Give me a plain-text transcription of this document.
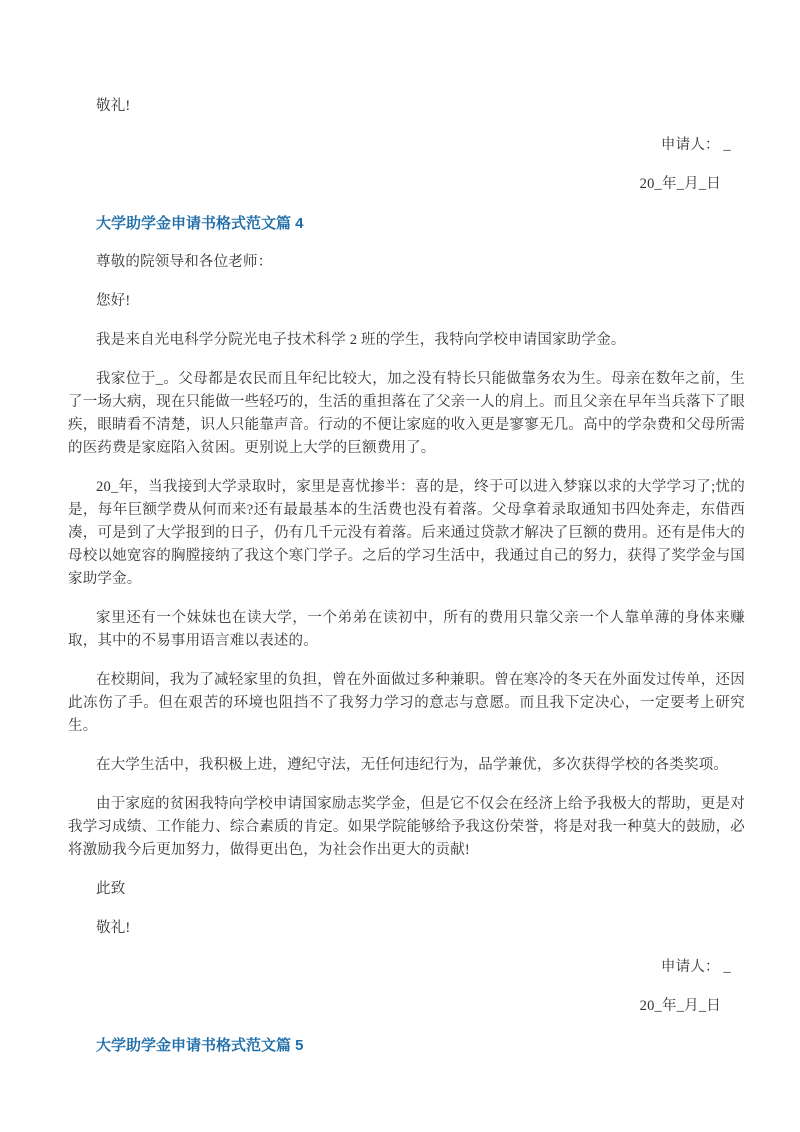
敬礼!

申请人： _

20_年_月_日

大学助学金申请书格式范文篇 4

尊敬的院领导和各位老师：

您好!

我是来自光电科学分院光电子技术科学 2 班的学生，我特向学校申请国家助学金。

我家位于_。父母都是农民而且年纪比较大，加之没有特长只能做靠务农为生。母亲在数年之前，生了一场大病，现在只能做一些轻巧的，生活的重担落在了父亲一人的肩上。而且父亲在早年当兵落下了眼疾，眼睛看不清楚，识人只能靠声音。行动的不便让家庭的收入更是寥寥无几。高中的学杂费和父母所需的医药费是家庭陷入贫困。更别说上大学的巨额费用了。

20_年，当我接到大学录取时，家里是喜忧掺半：喜的是，终于可以进入梦寐以求的大学学习了;忧的是，每年巨额学费从何而来?还有最最基本的生活费也没有着落。父母拿着录取通知书四处奔走，东借西凑，可是到了大学报到的日子，仍有几千元没有着落。后来通过贷款才解决了巨额的费用。还有是伟大的母校以她宽容的胸膛接纳了我这个寒门学子。之后的学习生活中，我通过自己的努力，获得了奖学金与国家助学金。

家里还有一个妹妹也在读大学，一个弟弟在读初中，所有的费用只靠父亲一个人靠单薄的身体来赚取，其中的不易事用语言难以表述的。

在校期间，我为了减轻家里的负担，曾在外面做过多种兼职。曾在寒冷的冬天在外面发过传单，还因此冻伤了手。但在艰苦的环境也阻挡不了我努力学习的意志与意愿。而且我下定决心，一定要考上研究生。

在大学生活中，我积极上进，遵纪守法，无任何违纪行为，品学兼优，多次获得学校的各类奖项。

由于家庭的贫困我特向学校申请国家励志奖学金，但是它不仅会在经济上给予我极大的帮助，更是对我学习成绩、工作能力、综合素质的肯定。如果学院能够给予我这份荣誉，将是对我一种莫大的鼓励，必将激励我今后更加努力，做得更出色，为社会作出更大的贡献!

此致

敬礼!

申请人： _

20_年_月_日

大学助学金申请书格式范文篇 5
